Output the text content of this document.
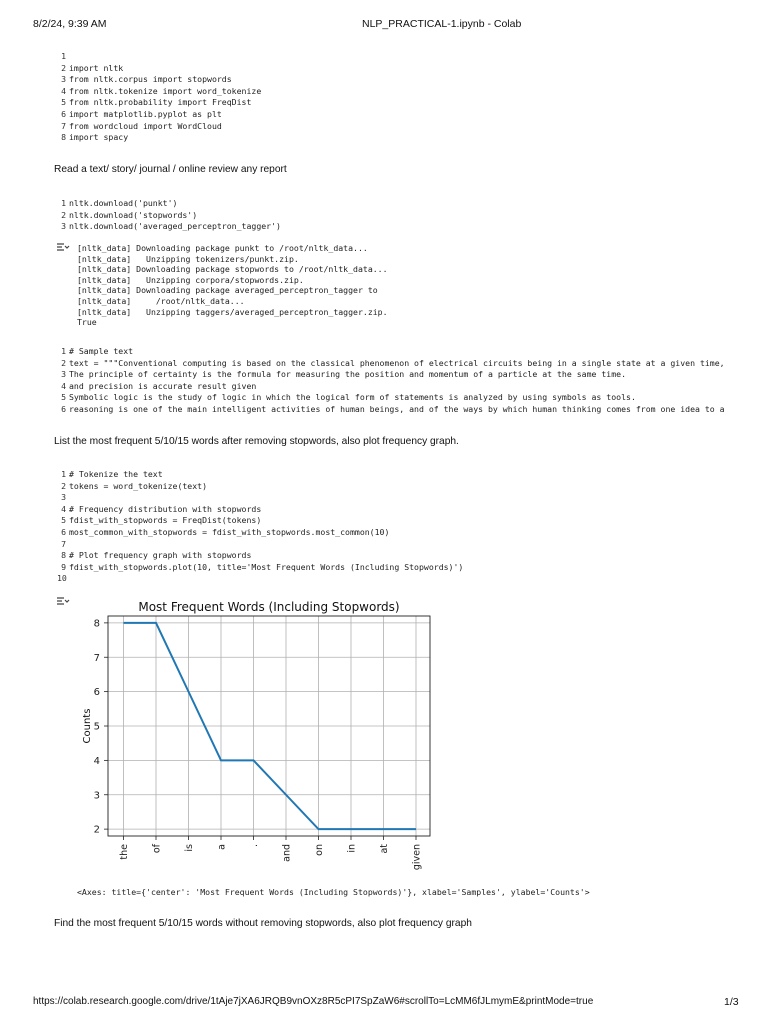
8/2/24, 9:39 AM	NLP_PRACTICAL-1.ipynb - Colab
1
2 import nltk
3 from nltk.corpus import stopwords
4 from nltk.tokenize import word_tokenize
5 from nltk.probability import FreqDist
6 import matplotlib.pyplot as plt
7 from wordcloud import WordCloud
8 import spacy
Read a text/ story/ journal / online review any report
1 nltk.download('punkt')
2 nltk.download('stopwords')
3 nltk.download('averaged_perceptron_tagger')
[nltk_data] Downloading package punkt to /root/nltk_data...
[nltk_data]   Unzipping tokenizers/punkt.zip.
[nltk_data] Downloading package stopwords to /root/nltk_data...
[nltk_data]   Unzipping corpora/stopwords.zip.
[nltk_data] Downloading package averaged_perceptron_tagger to
[nltk_data]     /root/nltk_data...
[nltk_data]   Unzipping taggers/averaged_perceptron_tagger.zip.
True
1 # Sample text
2 text = """Conventional computing is based on the classical phenomenon of electrical circuits being in a single state at a given time,
3 The principle of certainty is the formula for measuring the position and momentum of a particle at the same time.
4 and precision is accurate result given
5 Symbolic logic is the study of logic in which the logical form of statements is analyzed by using symbols as tools.
6 reasoning is one of the main intelligent activities of human beings, and of the ways by which human thinking comes from one idea to a
List the most frequent 5/10/15 words after removing stopwords, also plot frequency graph.
1 # Tokenize the text
2 tokens = word_tokenize(text)
3
4 # Frequency distribution with stopwords
5 fdist_with_stopwords = FreqDist(tokens)
6 most_common_with_stopwords = fdist_with_stopwords.most_common(10)
7
8 # Plot frequency graph with stopwords
9 fdist_with_stopwords.plot(10, title='Most Frequent Words (Including Stopwords)')
10
2
3
4
5
6
7
8
the of is a . and on in at given
Most Frequent Words (Including Stopwords)
Counts
<Axes: title={'center': 'Most Frequent Words (Including Stopwords)'}, xlabel='Samples', ylabel='Counts'>
Find the most frequent 5/10/15 words without removing stopwords, also plot frequency graph
https://colab.research.google.com/drive/1tAje7jXA6JRQB9vnOXz8R5cPI7SpZaW6#scrollTo=LcMM6fJLmymE&printMode=true	1/3
